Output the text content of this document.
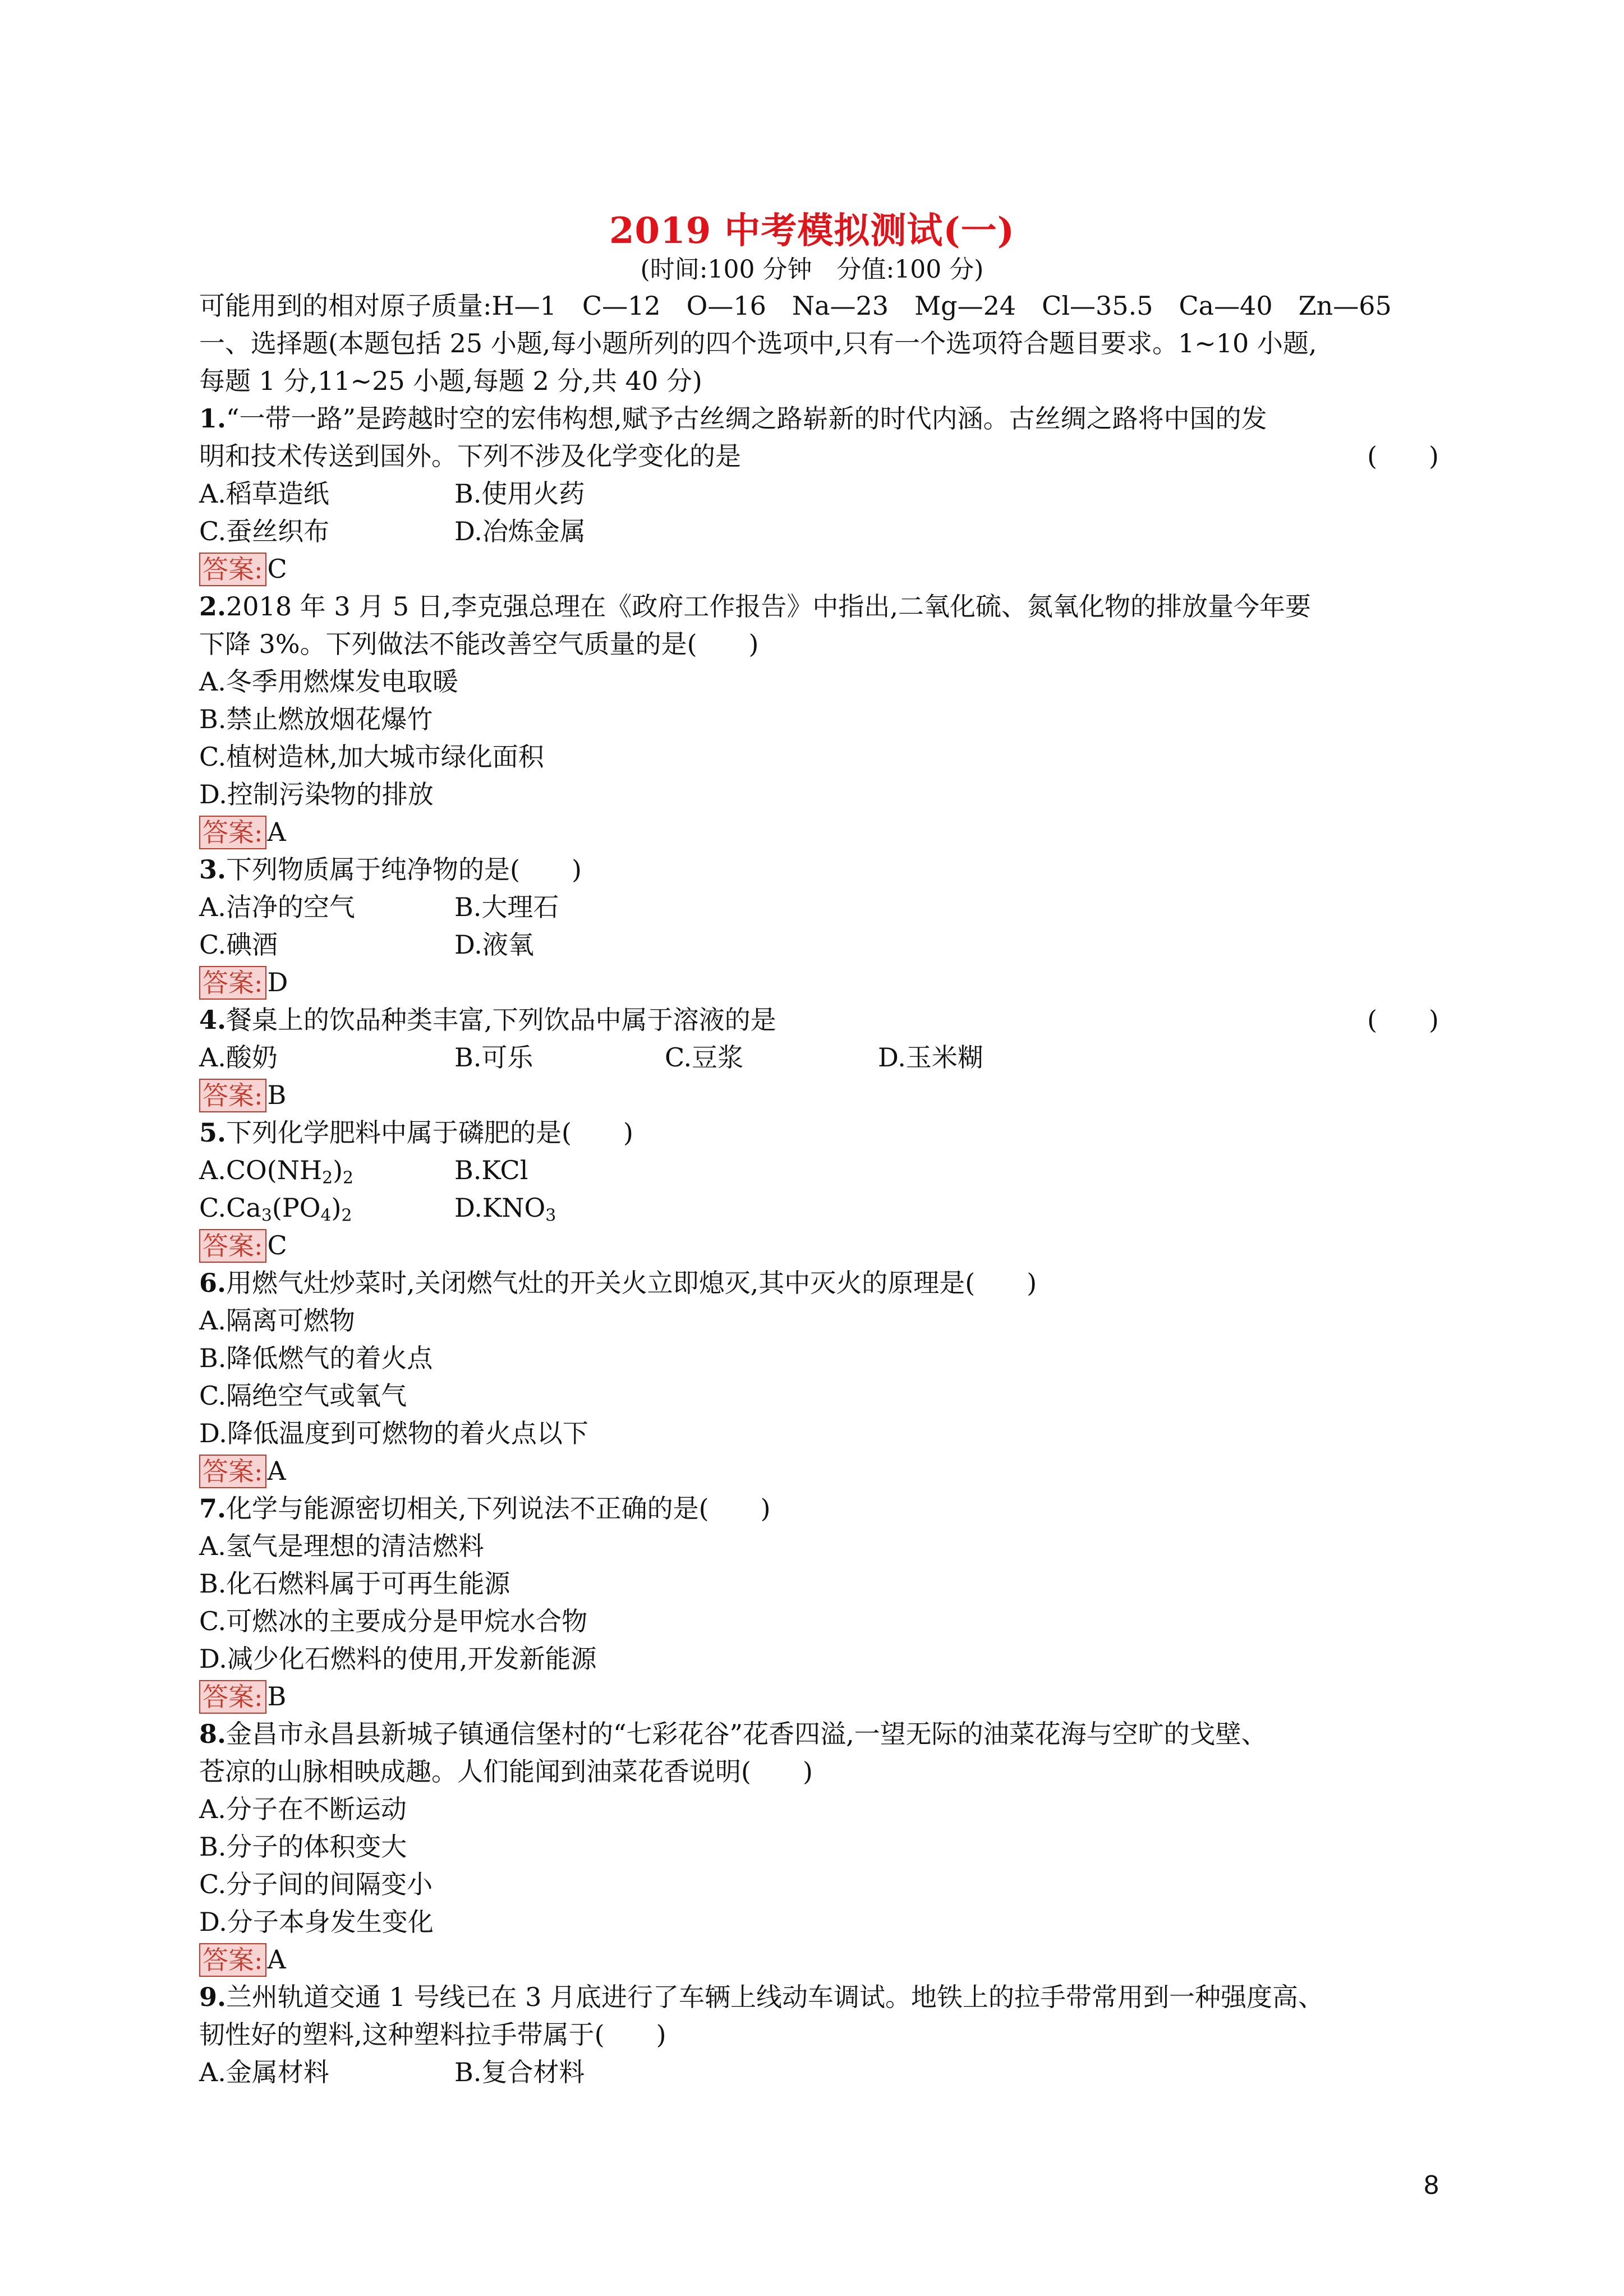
2019 中考模拟测试(一)
(时间:100 分钟　分值:100 分)
可能用到的相对原子质量:H—1　C—12　O—16　Na—23　Mg—24　Cl—35.5　Ca—40　Zn—65
一、选择题(本题包括 25 小题,每小题所列的四个选项中,只有一个选项符合题目要求。1~10 小题,
每题 1 分,11~25 小题,每题 2 分,共 40 分)
1.“一带一路”是跨越时空的宏伟构想,赋予古丝绸之路崭新的时代内涵。古丝绸之路将中国的发
明和技术传送到国外。下列不涉及化学变化的是	(　　)
A.稻草造纸	B.使用火药
C.蚕丝织布	D.冶炼金属
答案: C
2.2018 年 3 月 5 日,李克强总理在《政府工作报告》中指出,二氧化硫、氮氧化物的排放量今年要
下降 3%。下列做法不能改善空气质量的是(　　)
A.冬季用燃煤发电取暖
B.禁止燃放烟花爆竹
C.植树造林,加大城市绿化面积
D.控制污染物的排放
答案: A
3.下列物质属于纯净物的是(　　)
A.洁净的空气	B.大理石
C.碘酒	D.液氧
答案: D
4.餐桌上的饮品种类丰富,下列饮品中属于溶液的是	(　　)
A.酸奶	B.可乐	C.豆浆	D.玉米糊
答案: B
5.下列化学肥料中属于磷肥的是(　　)
$A.CO(NH_2)_2$	B.KCl
$C.Ca_3(PO_4)_2$	$D.KNO_3$
答案: C
6.用燃气灶炒菜时,关闭燃气灶的开关火立即熄灭,其中灭火的原理是(　　)
A.隔离可燃物
B.降低燃气的着火点
C.隔绝空气或氧气
D.降低温度到可燃物的着火点以下
答案: A
7.化学与能源密切相关,下列说法不正确的是(　　)
A.氢气是理想的清洁燃料
B.化石燃料属于可再生能源
C.可燃冰的主要成分是甲烷水合物
D.减少化石燃料的使用,开发新能源
答案: B
8.金昌市永昌县新城子镇通信堡村的“七彩花谷”花香四溢,一望无际的油菜花海与空旷的戈壁、
苍凉的山脉相映成趣。人们能闻到油菜花香说明(　　)
A.分子在不断运动
B.分子的体积变大
C.分子间的间隔变小
D.分子本身发生变化
答案: A
9.兰州轨道交通 1 号线已在 3 月底进行了车辆上线动车调试。地铁上的拉手带常用到一种强度高、
韧性好的塑料,这种塑料拉手带属于(　　)
A.金属材料	B.复合材料
8
